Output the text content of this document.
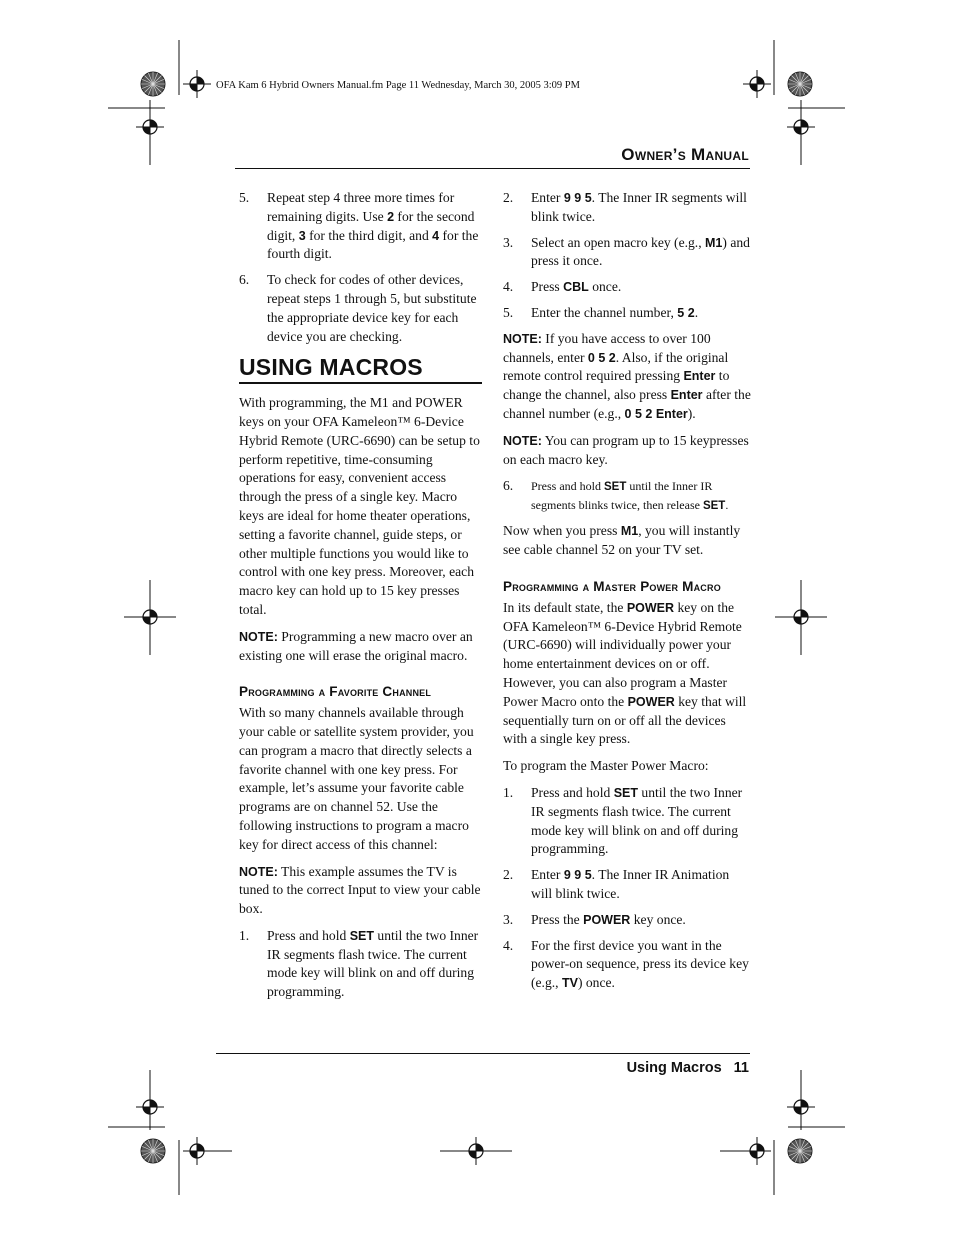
OFA Kam 6 Hybrid Owners Manual.fm Page 11 Wednesday, March 30, 2005 3:09 PM
Owner’s Manual
5. Repeat step 4 three more times for remaining digits. Use 2 for the second digit, 3 for the third digit, and 4 for the fourth digit.
6. To check for codes of other devices, repeat steps 1 through 5, but substitute the appropriate device key for each device you are checking.
USING MACROS

With programming, the M1 and POWER keys on your OFA Kameleon™ 6-Device Hybrid Remote (URC-6690) can be setup to perform repetitive, time-consuming operations for easy, convenient access through the press of a single key. Macro keys are ideal for home theater operations, setting a favorite channel, guide steps, or other multiple functions you would like to control with one key press. Moreover, each macro key can hold up to 15 key presses total.

NOTE: Programming a new macro over an existing one will erase the original macro.

Programming a Favorite Channel

With so many channels available through your cable or satellite system provider, you can program a macro that directly selects a favorite channel with one key press. For example, let’s assume your favorite cable programs are on channel 52. Use the following instructions to program a macro key for direct access of this channel:

NOTE: This example assumes the TV is tuned to the correct Input to view your cable box.

1. Press and hold SET until the two Inner IR segments flash twice. The current mode key will blink on and off during programming.
2. Enter 9 9 5. The Inner IR segments will blink twice.
3. Select an open macro key (e.g., M1) and press it once.
4. Press CBL once.
5. Enter the channel number, 5 2.

NOTE: If you have access to over 100 channels, enter 0 5 2. Also, if the original remote control required pressing Enter to change the channel, also press Enter after the channel number (e.g., 0 5 2 Enter).

NOTE: You can program up to 15 keypresses on each macro key.

6. Press and hold SET until the Inner IR segments blinks twice, then release SET.

Now when you press M1, you will instantly see cable channel 52 on your TV set.

Programming a Master Power Macro

In its default state, the POWER key on the OFA Kameleon™ 6-Device Hybrid Remote (URC-6690) will individually power your home entertainment devices on or off. However, you can also program a Master Power Macro onto the POWER key that will sequentially turn on or off all the devices with a single key press.

To program the Master Power Macro:

1. Press and hold SET until the two Inner IR segments flash twice. The current mode key will blink on and off during programming.
2. Enter 9 9 5. The Inner IR Animation will blink twice.
3. Press the POWER key once.
4. For the first device you want in the power-on sequence, press its device key (e.g., TV) once.
Using Macros 11
